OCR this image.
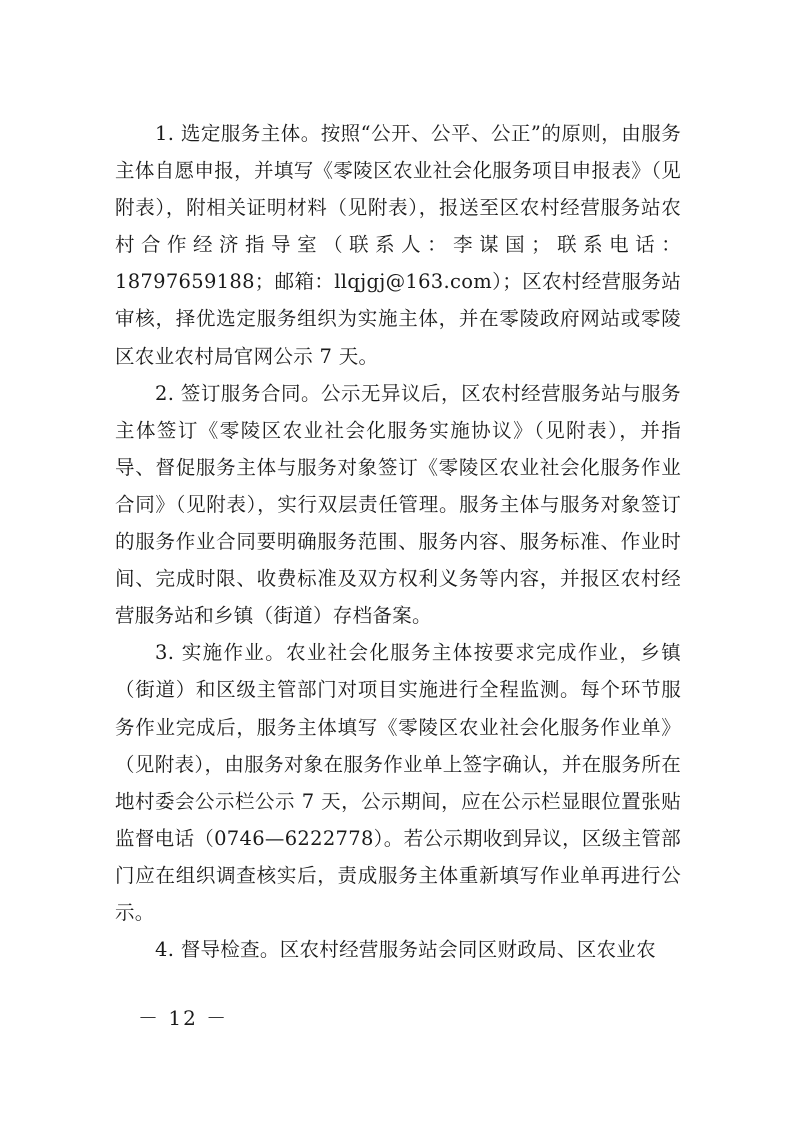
1. 选定服务主体。按照“公开、公平、公正”的原则，由服务主体自愿申报，并填写《零陵区农业社会化服务项目申报表》（见附表），附相关证明材料（见附表），报送至区农村经营服务站农村合作经济指导室（联系人：李谋国；联系电话：18797659188；邮箱：llqjgj@163.com）；区农村经营服务站审核，择优选定服务组织为实施主体，并在零陵政府网站或零陵区农业农村局官网公示 7 天。

2. 签订服务合同。公示无异议后，区农村经营服务站与服务主体签订《零陵区农业社会化服务实施协议》（见附表），并指导、督促服务主体与服务对象签订《零陵区农业社会化服务作业合同》（见附表），实行双层责任管理。服务主体与服务对象签订的服务作业合同要明确服务范围、服务内容、服务标准、作业时间、完成时限、收费标准及双方权利义务等内容，并报区农村经营服务站和乡镇（街道）存档备案。

3. 实施作业。农业社会化服务主体按要求完成作业，乡镇（街道）和区级主管部门对项目实施进行全程监测。每个环节服务作业完成后，服务主体填写《零陵区农业社会化服务作业单》（见附表），由服务对象在服务作业单上签字确认，并在服务所在地村委会公示栏公示 7 天，公示期间，应在公示栏显眼位置张贴监督电话（0746—6222778）。若公示期收到异议，区级主管部门应在组织调查核实后，责成服务主体重新填写作业单再进行公示。

4. 督导检查。区农村经营服务站会同区财政局、区农业农

－ 12 －
